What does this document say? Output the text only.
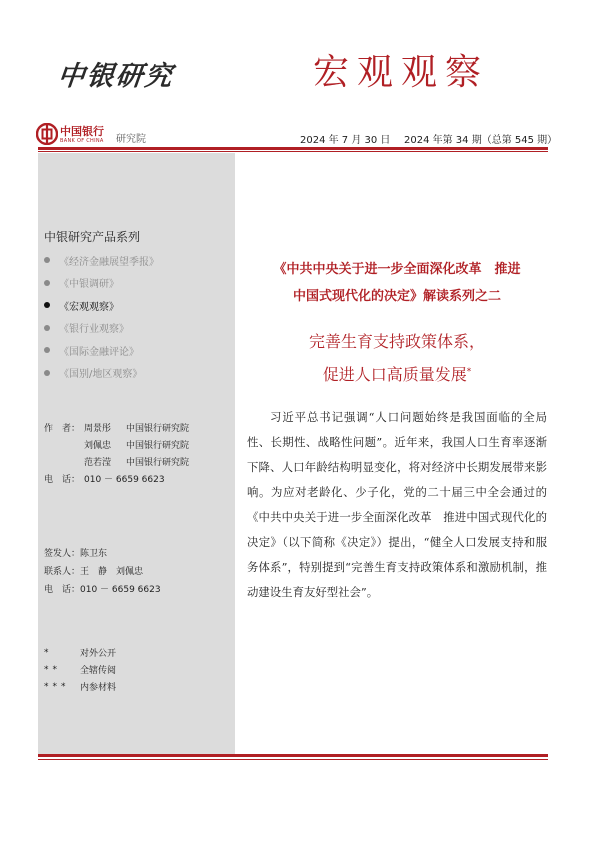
中银研究	宏观观察
中国银行
BANK OF CHINA 研究院	2024 年 7 月 30 日 2024 年第 34 期（总第 545 期）
中银研究产品系列
《经济金融展望季报》
《中银调研》
《宏观观察》
《银行业观察》
《国际金融评论》
《国别/地区观察》
作　者： 周景彤	中国银行研究院
刘佩忠	中国银行研究院
范若滢	中国银行研究院
电　话： 010 － 6659 6623
签发人： 陈卫东
联系人： 王　静　刘佩忠
电　话： 010 － 6659 6623
*	对外公开
**	全辖传阅
***	内参材料
《中共中央关于进一步全面深化改革　推进
中国式现代化的决定》解读系列之二
完善生育支持政策体系，
促进人口高质量发展*

习近平总书记强调“人口问题始终是我国面临的全局性、长期性、战略性问题”。近年来，我国人口生育率逐渐下降、人口年龄结构明显变化，将对经济中长期发展带来影响。为应对老龄化、少子化，党的二十届三中全会通过的《中共中央关于进一步全面深化改革　推进中国式现代化的决定》（以下简称《决定》）提出，“健全人口发展支持和服务体系”，特别提到“完善生育支持政策体系和激励机制，推动建设生育友好型社会”。
